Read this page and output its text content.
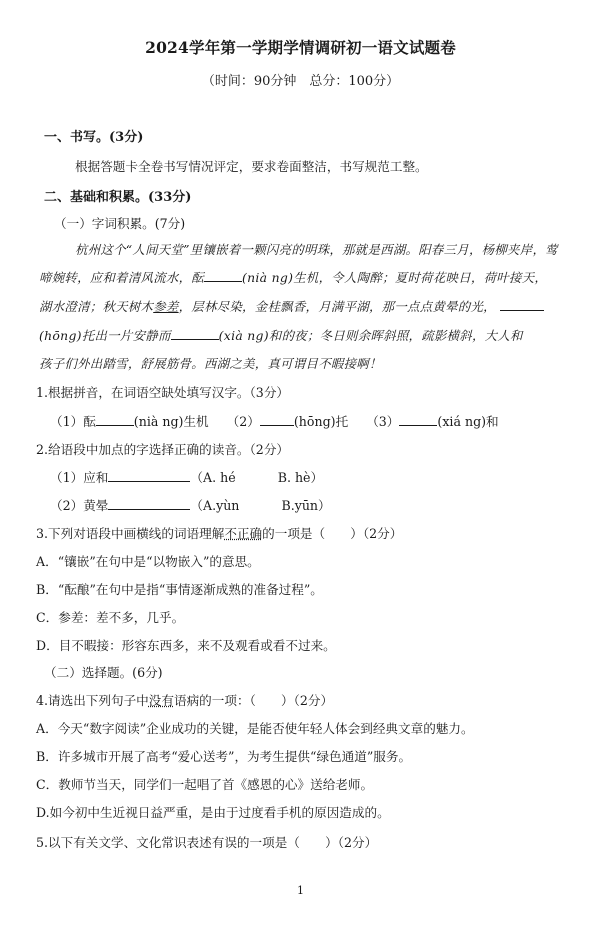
2024学年第一学期学情调研初一语文试题卷
（时间：90分钟　总分：100分）
一、书写。(3分)
根据答题卡全卷书写情况评定，要求卷面整洁，书写规范工整。
二、基础和积累。(33分)
（一）字词积累。(7分)
杭州这个“人间天堂”里镶嵌着一颗闪亮的明珠，那就是西湖。阳春三月，杨柳夹岸，莺
啼婉转，应和着清风流水，酝	(nià ng)生机，令人陶醉；夏时荷花映日，荷叶接天，
湖水澄清；秋天树木参差，层林尽染，金桂飘香，月满平湖，那一点点黄晕的光，
(hōng)托出一片安静而	(xià ng)和的夜；冬日则余晖斜照，疏影横斜，大人和
孩子们外出踏雪，舒展筋骨。西湖之美，真可谓目不暇接啊！
1.根据拼音，在词语空缺处填写汉字。（3分）
（1）酝	(nià ng)生机 （2）	(hōng)托 （3）	(xiá ng)和
2.给语段中加点的字选择正确的读音。（2分）
（1）应和	（A. hé	B. hè）
（2）黄晕	（A.yùn	B.yūn）
3.下列对语段中画横线的词语理解不正确的一项是（　　）（2分）
A．“镶嵌”在句中是“以物嵌入”的意思。
B．“酝酿”在句中是指“事情逐渐成熟的准备过程”。
C．参差：差不多，几乎。
D．目不暇接：形容东西多，来不及观看或看不过来。
（二）选择题。(6分)
4.请选出下列句子中没有语病的一项：（　　）（2分）
A．今天“数字阅读”企业成功的关键，是能否使年轻人体会到经典文章的魅力。
B．许多城市开展了高考“爱心送考”，为考生提供“绿色通道”服务。
C．教师节当天，同学们一起唱了首《感恩的心》送给老师。
D.如今初中生近视日益严重，是由于过度看手机的原因造成的。
5.以下有关文学、文化常识表述有误的一项是（　　）（2分）
1
